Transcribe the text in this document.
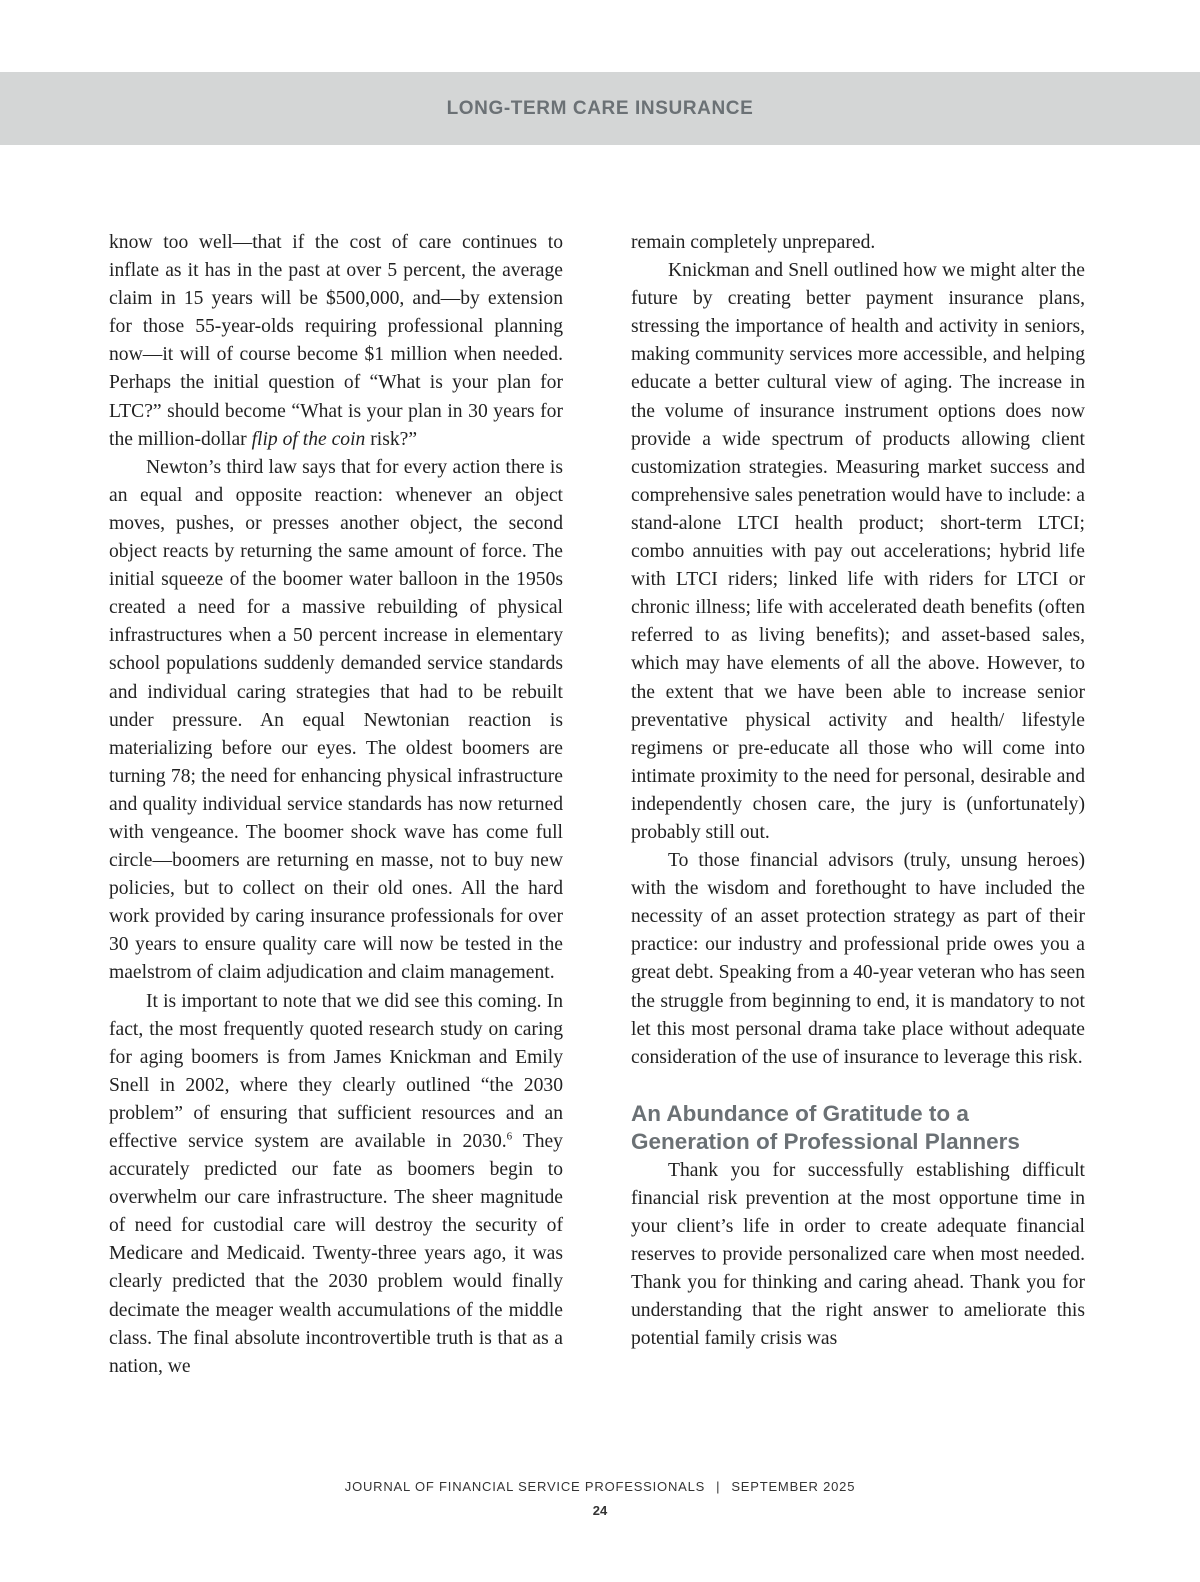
LONG-TERM CARE INSURANCE

know too well—that if the cost of care continues to inflate as it has in the past at over 5 percent, the average claim in 15 years will be $500,000, and—by extension for those 55-year-olds requiring professional planning now—it will of course become $1 million when needed. Perhaps the initial question of “What is your plan for LTC?” should become “What is your plan in 30 years for the million-dollar flip of the coin risk?”

Newton’s third law says that for every action there is an equal and opposite reaction: whenever an object moves, pushes, or presses another object, the second object reacts by returning the same amount of force. The initial squeeze of the boomer water balloon in the 1950s created a need for a massive rebuilding of physical infrastructures when a 50 percent increase in elementary school populations suddenly demanded service standards and individual caring strategies that had to be rebuilt under pressure. An equal Newtonian reaction is materializing before our eyes. The oldest boomers are turning 78; the need for enhancing physical infrastructure and quality individual service standards has now returned with vengeance. The boomer shock wave has come full circle—boomers are returning en masse, not to buy new policies, but to collect on their old ones. All the hard work provided by caring insurance professionals for over 30 years to ensure quality care will now be tested in the maelstrom of claim adjudication and claim management.

It is important to note that we did see this coming. In fact, the most frequently quoted research study on caring for aging boomers is from James Knickman and Emily Snell in 2002, where they clearly outlined “the 2030 problem” of ensuring that sufficient resources and an effective service system are available in 2030.$^6$ They accurately predicted our fate as boomers begin to overwhelm our care infrastructure. The sheer magnitude of need for custodial care will destroy the security of Medicare and Medicaid. Twenty-three years ago, it was clearly predicted that the 2030 problem would finally decimate the meager wealth accumulations of the middle class. The final absolute incontrovertible truth is that as a nation, we

remain completely unprepared.

Knickman and Snell outlined how we might alter the future by creating better payment insurance plans, stressing the importance of health and activity in seniors, making community services more accessible, and helping educate a better cultural view of aging. The increase in the volume of insurance instrument options does now provide a wide spectrum of products allowing client customization strategies. Measuring market success and comprehensive sales penetration would have to include: a stand-alone LTCI health product; short-term LTCI; combo annuities with pay out accelerations; hybrid life with LTCI riders; linked life with riders for LTCI or chronic illness; life with accelerated death benefits (often referred to as living benefits); and asset-based sales, which may have elements of all the above. However, to the extent that we have been able to increase senior preventative physical activity and health/ lifestyle regimens or pre-educate all those who will come into intimate proximity to the need for personal, desirable and independently chosen care, the jury is (unfortunately) probably still out.

To those financial advisors (truly, unsung heroes) with the wisdom and forethought to have included the necessity of an asset protection strategy as part of their practice: our industry and professional pride owes you a great debt. Speaking from a 40-year veteran who has seen the struggle from beginning to end, it is mandatory to not let this most personal drama take place without adequate consideration of the use of insurance to leverage this risk.

An Abundance of Gratitude to a Generation of Professional Planners

Thank you for successfully establishing difficult financial risk prevention at the most opportune time in your client’s life in order to create adequate financial reserves to provide personalized care when most needed. Thank you for thinking and caring ahead. Thank you for understanding that the right answer to ameliorate this potential family crisis was

JOURNAL OF FINANCIAL SERVICE PROFESSIONALS | SEPTEMBER 2025
24
